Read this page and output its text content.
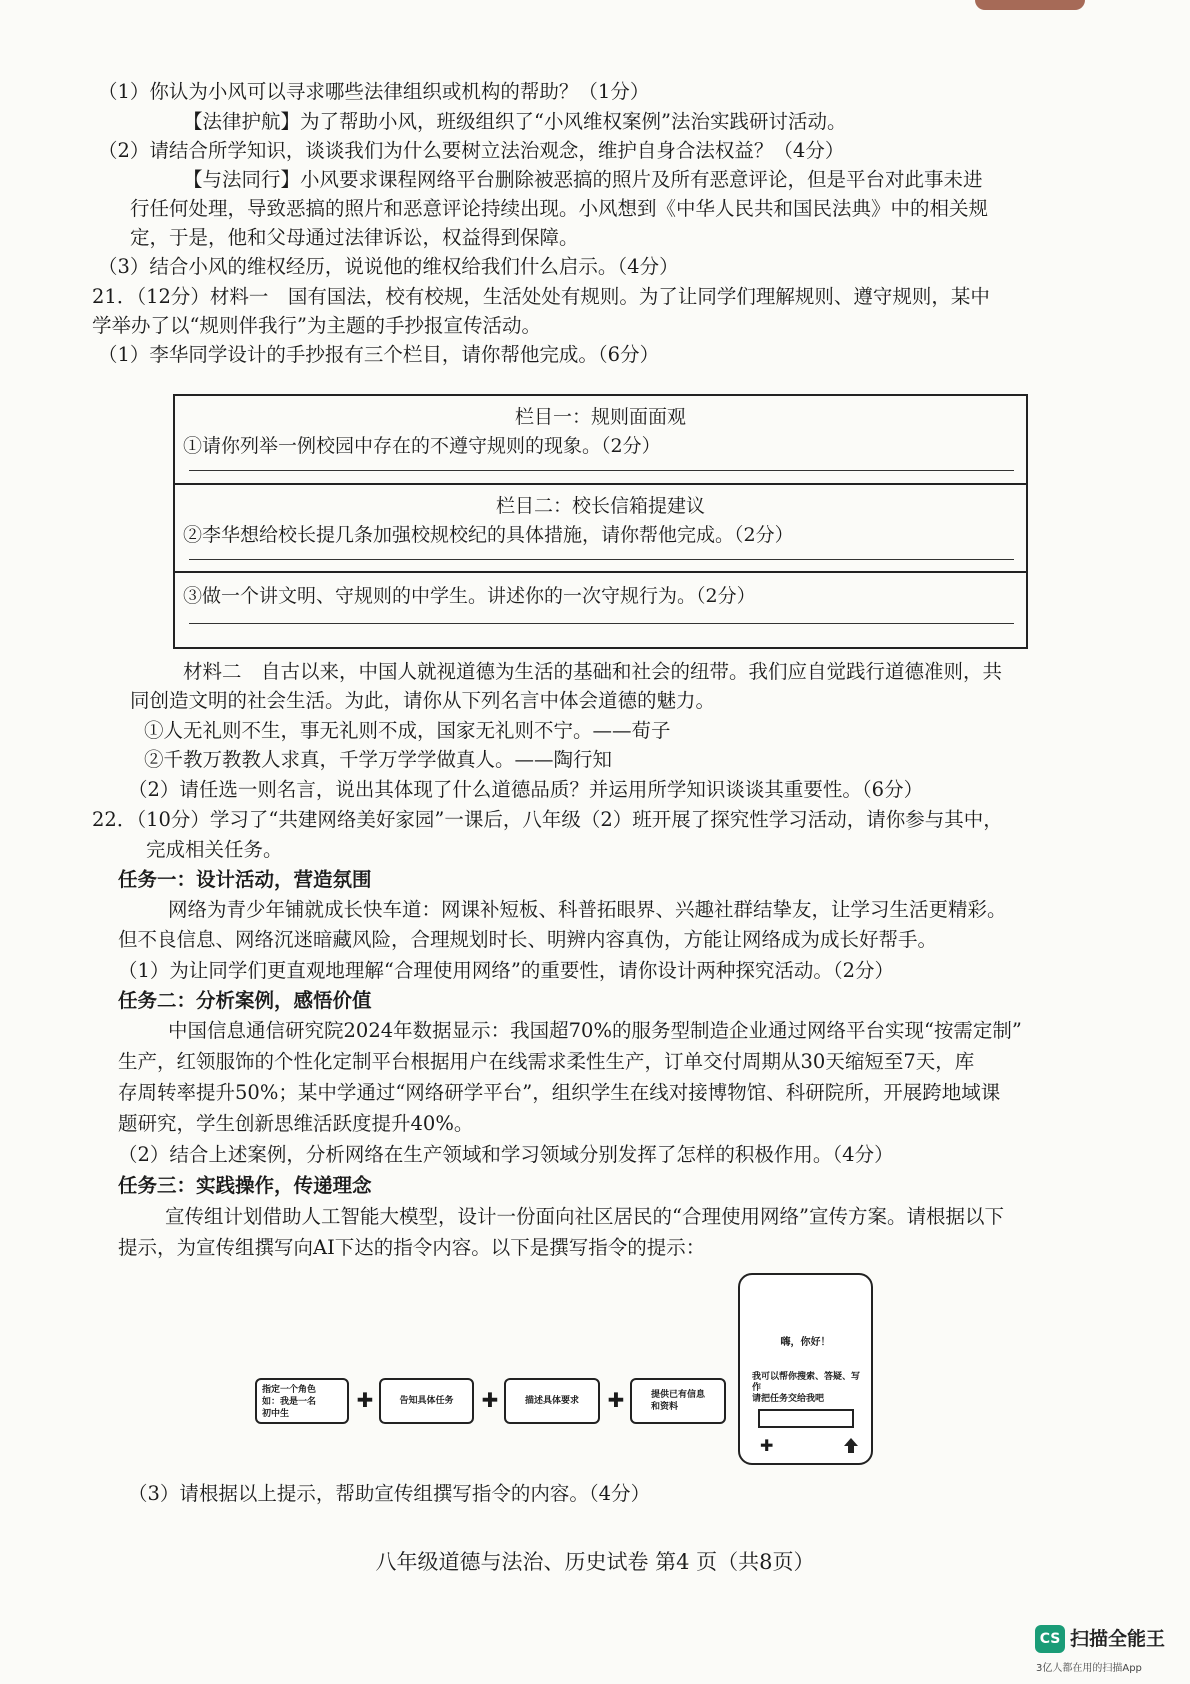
（1）你认为小风可以寻求哪些法律组织或机构的帮助？（1分）
【法律护航】为了帮助小风，班级组织了“小风维权案例”法治实践研讨活动。
（2）请结合所学知识，谈谈我们为什么要树立法治观念，维护自身合法权益？（4分）
【与法同行】小风要求课程网络平台删除被恶搞的照片及所有恶意评论，但是平台对此事未进
行任何处理，导致恶搞的照片和恶意评论持续出现。小风想到《中华人民共和国民法典》中的相关规
定，于是，他和父母通过法律诉讼，权益得到保障。
（3）结合小风的维权经历，说说他的维权给我们什么启示。（4分）
21．（12分）材料一　国有国法，校有校规，生活处处有规则。为了让同学们理解规则、遵守规则，某中
学举办了以“规则伴我行”为主题的手抄报宣传活动。
（1）李华同学设计的手抄报有三个栏目，请你帮他完成。（6分）
栏目一：规则面面观
①请你列举一例校园中存在的不遵守规则的现象。（2分）
栏目二：校长信箱提建议
②李华想给校长提几条加强校规校纪的具体措施，请你帮他完成。（2分）
③做一个讲文明、守规则的中学生。讲述你的一次守规行为。（2分）
材料二　自古以来，中国人就视道德为生活的基础和社会的纽带。我们应自觉践行道德准则，共
同创造文明的社会生活。为此，请你从下列名言中体会道德的魅力。
①人无礼则不生，事无礼则不成，国家无礼则不宁。——荀子
②千教万教教人求真，千学万学学做真人。——陶行知
（2）请任选一则名言，说出其体现了什么道德品质？并运用所学知识谈谈其重要性。（6分）
22．（10分）学习了“共建网络美好家园”一课后，八年级（2）班开展了探究性学习活动，请你参与其中，
完成相关任务。
任务一：设计活动，营造氛围
网络为青少年铺就成长快车道：网课补短板、科普拓眼界、兴趣社群结挚友，让学习生活更精彩。
但不良信息、网络沉迷暗藏风险，合理规划时长、明辨内容真伪，方能让网络成为成长好帮手。
（1）为让同学们更直观地理解“合理使用网络”的重要性，请你设计两种探究活动。（2分）
任务二：分析案例，感悟价值
中国信息通信研究院2024年数据显示：我国超70%的服务型制造企业通过网络平台实现“按需定制”
生产，红领服饰的个性化定制平台根据用户在线需求柔性生产，订单交付周期从30天缩短至7天，库
存周转率提升50%；某中学通过“网络研学平台”，组织学生在线对接博物馆、科研院所，开展跨地域课
题研究，学生创新思维活跃度提升40%。
（2）结合上述案例，分析网络在生产领域和学习领域分别发挥了怎样的积极作用。（4分）
任务三：实践操作，传递理念
宣传组计划借助人工智能大模型，设计一份面向社区居民的“合理使用网络”宣传方案。请根据以下
提示，为宣传组撰写向AI下达的指令内容。以下是撰写指令的提示：
指定一个角色
如：我是一名
初中生
✚	告知具体任务	✚	描述具体要求	✚	提供已有信息
和资料
嗨，你好！
我可以帮你搜索、答疑、写作
请把任务交给我吧
✚
（3）请根据以上提示，帮助宣传组撰写指令的内容。（4分）
八年级道德与法治、历史试卷 第4 页（共8页）
CS 扫描全能王
3亿人都在用的扫描App
